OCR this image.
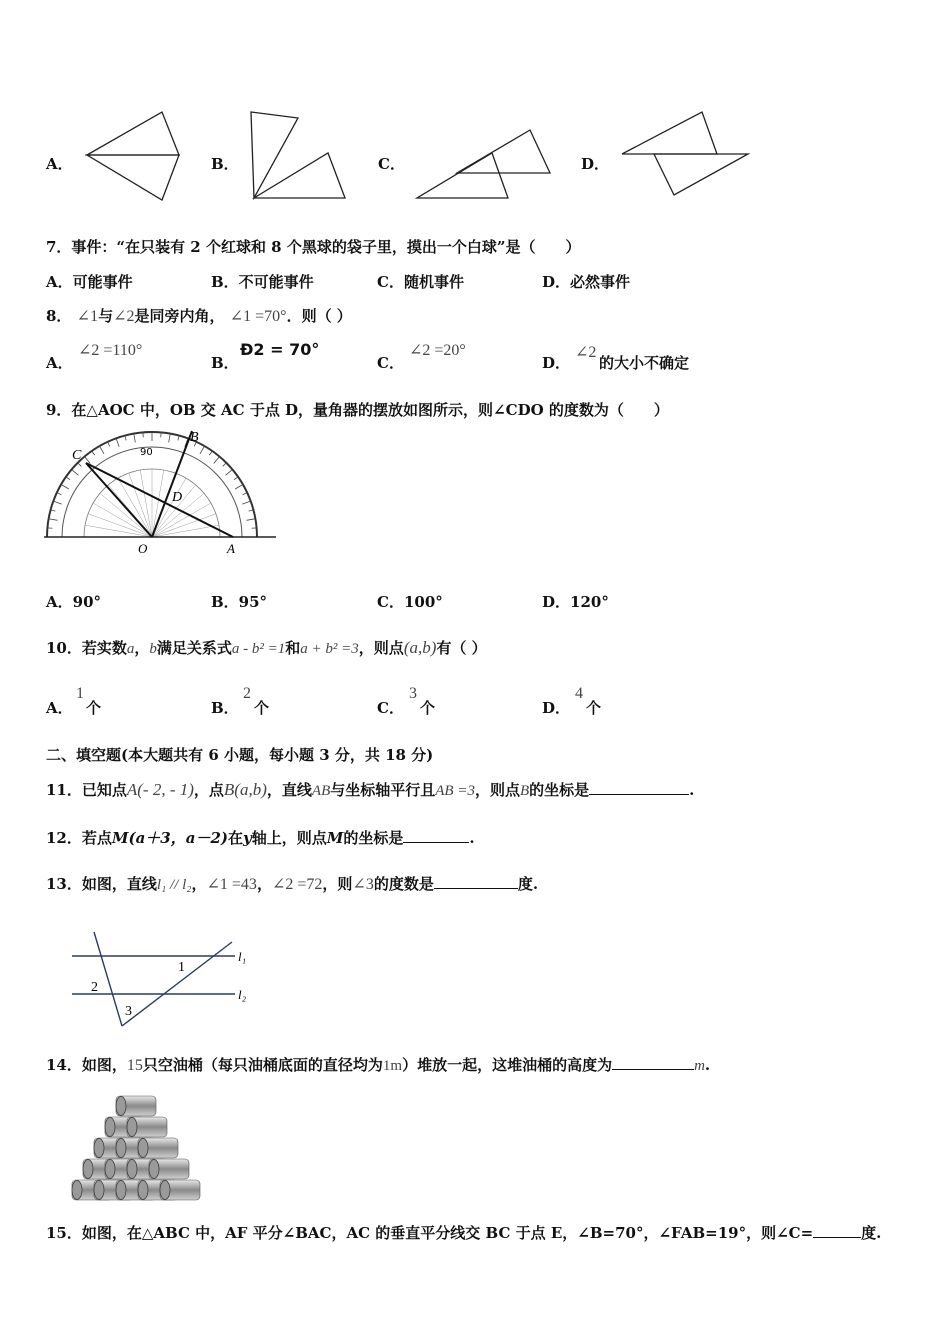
A．	B．	C．	D．
7．事件：“在只装有 2 个红球和 8 个黑球的袋子里，摸出一个白球”是（　　）
A．可能事件	B．不可能事件	C．随机事件	D．必然事件
8． ∠1与∠2是同旁内角， ∠1 =70°．则（ ）
A．
∠2 =110°
B．
Ð2 = 70°
C．
∠2 =20°
D．
∠2
的大小不确定
9．在△AOC 中，OB 交 AC 于点 D，量角器的摆放如图所示，则∠CDO 的度数为（　　）
B
C
D
O	A
90
A．90°	B．95°	C．100°	D．120°
10．若实数a，b满足关系式a - b² =1和a + b² =3，则点(a,b)有（ ）
A．
1
个	B．
2
个	C．
3
个	D．
4
个
二、填空题(本大题共有 6 小题，每小题 3 分，共 18 分)
11．已知点A(- 2, - 1)，点B(a,b)，直线AB与坐标轴平行且AB =3，则点B的坐标是	.
12．若点M(a＋3，a－2)在y轴上，则点M的坐标是	.
13．如图，直线l₁ // l₂，∠1 =43，∠2 =72，则∠3的度数是	度.
l₁
l₂
1
2
3
14．如图，15只空油桶（每只油桶底面的直径均为1m）堆放一起，这堆油桶的高度为	m.
15．如图，在△ABC 中，AF 平分∠BAC，AC 的垂直平分线交 BC 于点 E，∠B=70°，∠FAB=19°，则∠C=	度.
